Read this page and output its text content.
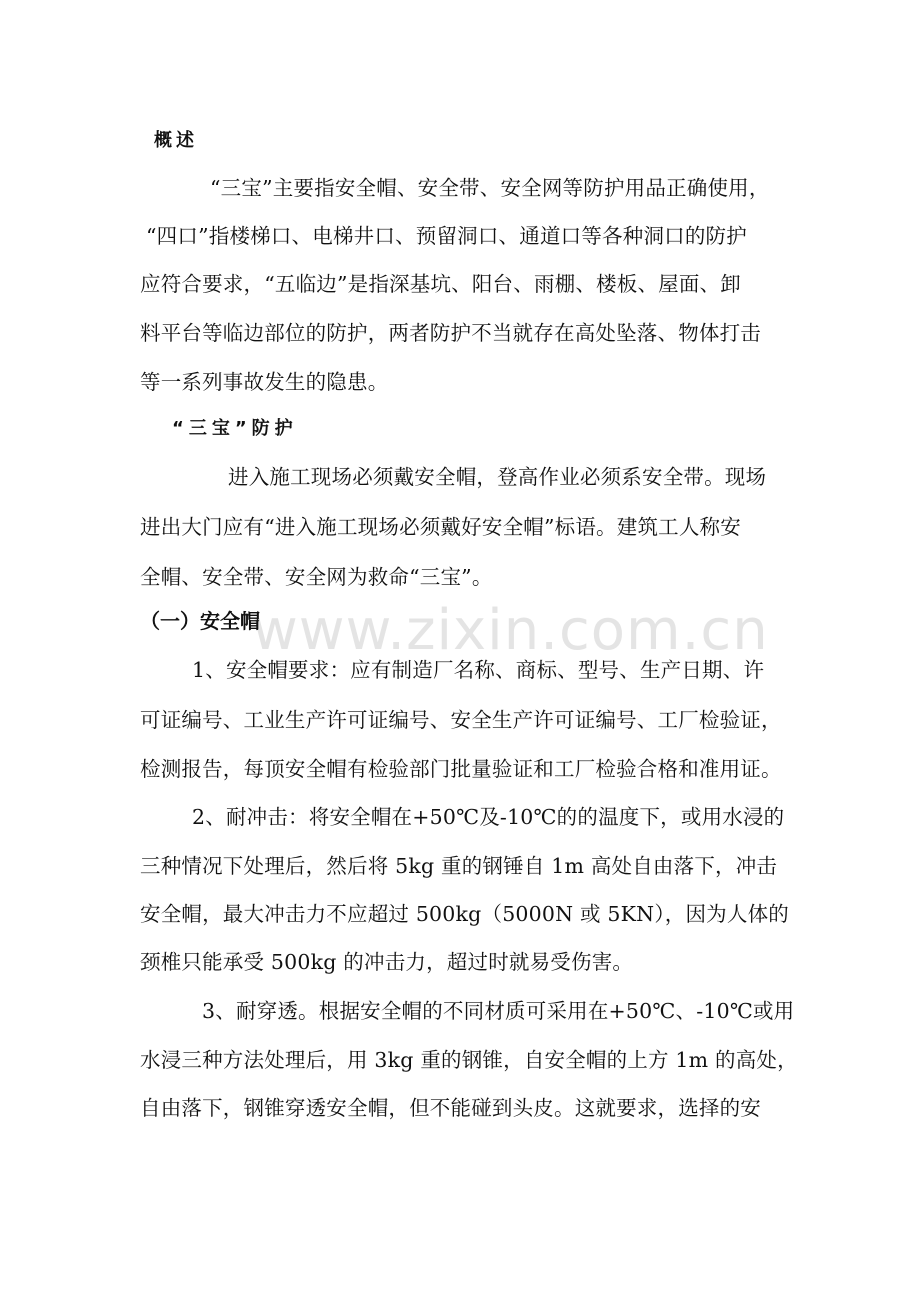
www.zixin.com.cn
概述
“三宝”主要指安全帽、安全带、安全网等防护用品正确使用，
“四口”指楼梯口、电梯井口、预留洞口、通道口等各种洞口的防护
应符合要求，“五临边”是指深基坑、阳台、雨棚、楼板、屋面、卸
料平台等临边部位的防护，两者防护不当就存在高处坠落、物体打击
等一系列事故发生的隐患。
“三宝”防护
进入施工现场必须戴安全帽，登高作业必须系安全带。现场
进出大门应有“进入施工现场必须戴好安全帽”标语。建筑工人称安
全帽、安全带、安全网为救命“三宝”。
（一）安全帽
1、安全帽要求：应有制造厂名称、商标、型号、生产日期、许
可证编号、工业生产许可证编号、安全生产许可证编号、工厂检验证，
检测报告，每顶安全帽有检验部门批量验证和工厂检验合格和准用证。
2、耐冲击：将安全帽在+50℃及-10℃的的温度下，或用水浸的
三种情况下处理后，然后将 5kg 重的钢锤自 1m 高处自由落下，冲击
安全帽，最大冲击力不应超过 500kg（5000N 或 5KN），因为人体的
颈椎只能承受 500kg 的冲击力，超过时就易受伤害。
3、耐穿透。根据安全帽的不同材质可采用在+50℃、-10℃或用
水浸三种方法处理后，用 3kg 重的钢锥，自安全帽的上方 1m 的高处，
自由落下，钢锥穿透安全帽，但不能碰到头皮。这就要求，选择的安
